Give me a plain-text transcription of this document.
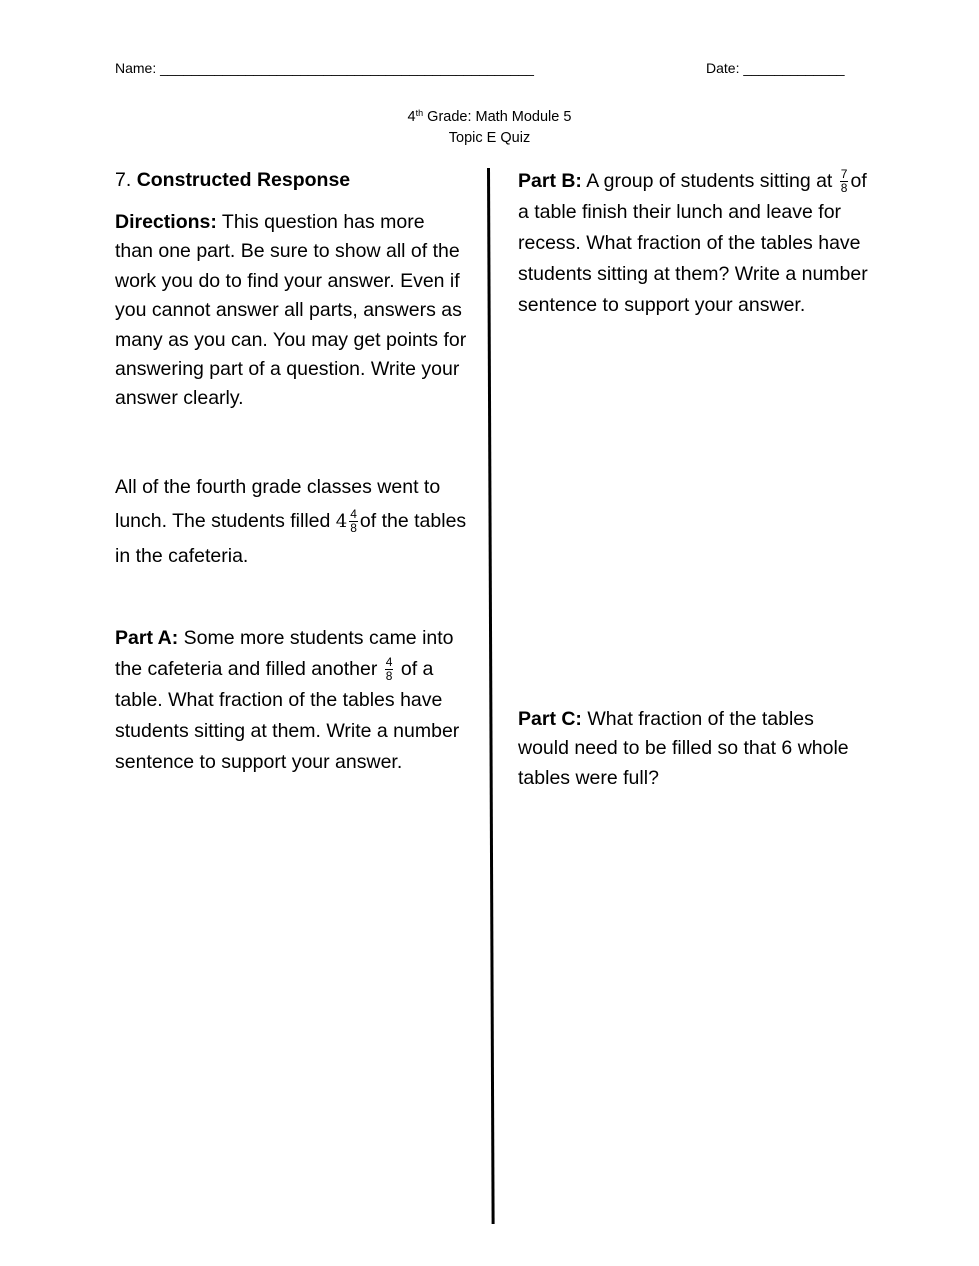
Name: ________________________________________________	Date: _____________
4th Grade: Math Module 5
Topic E Quiz
7. Constructed Response

Directions: This question has more than one part. Be sure to show all of the work you do to find your answer. Even if you cannot answer all parts, answers as many as you can. You may get points for answering part of a question. Write your answer clearly.

All of the fourth grade classes went to lunch. The students filled $4 \frac{4}{8}$ of the tables in the cafeteria.

Part A: Some more students came into the cafeteria and filled another $\frac{4}{8}$ of a table. What fraction of the tables have students sitting at them. Write a number sentence to support your answer.

Part B: A group of students sitting at $\frac{7}{8}$ of a table finish their lunch and leave for recess. What fraction of the tables have students sitting at them? Write a number sentence to support your answer.

Part C: What fraction of the tables would need to be filled so that 6 whole tables were full?
